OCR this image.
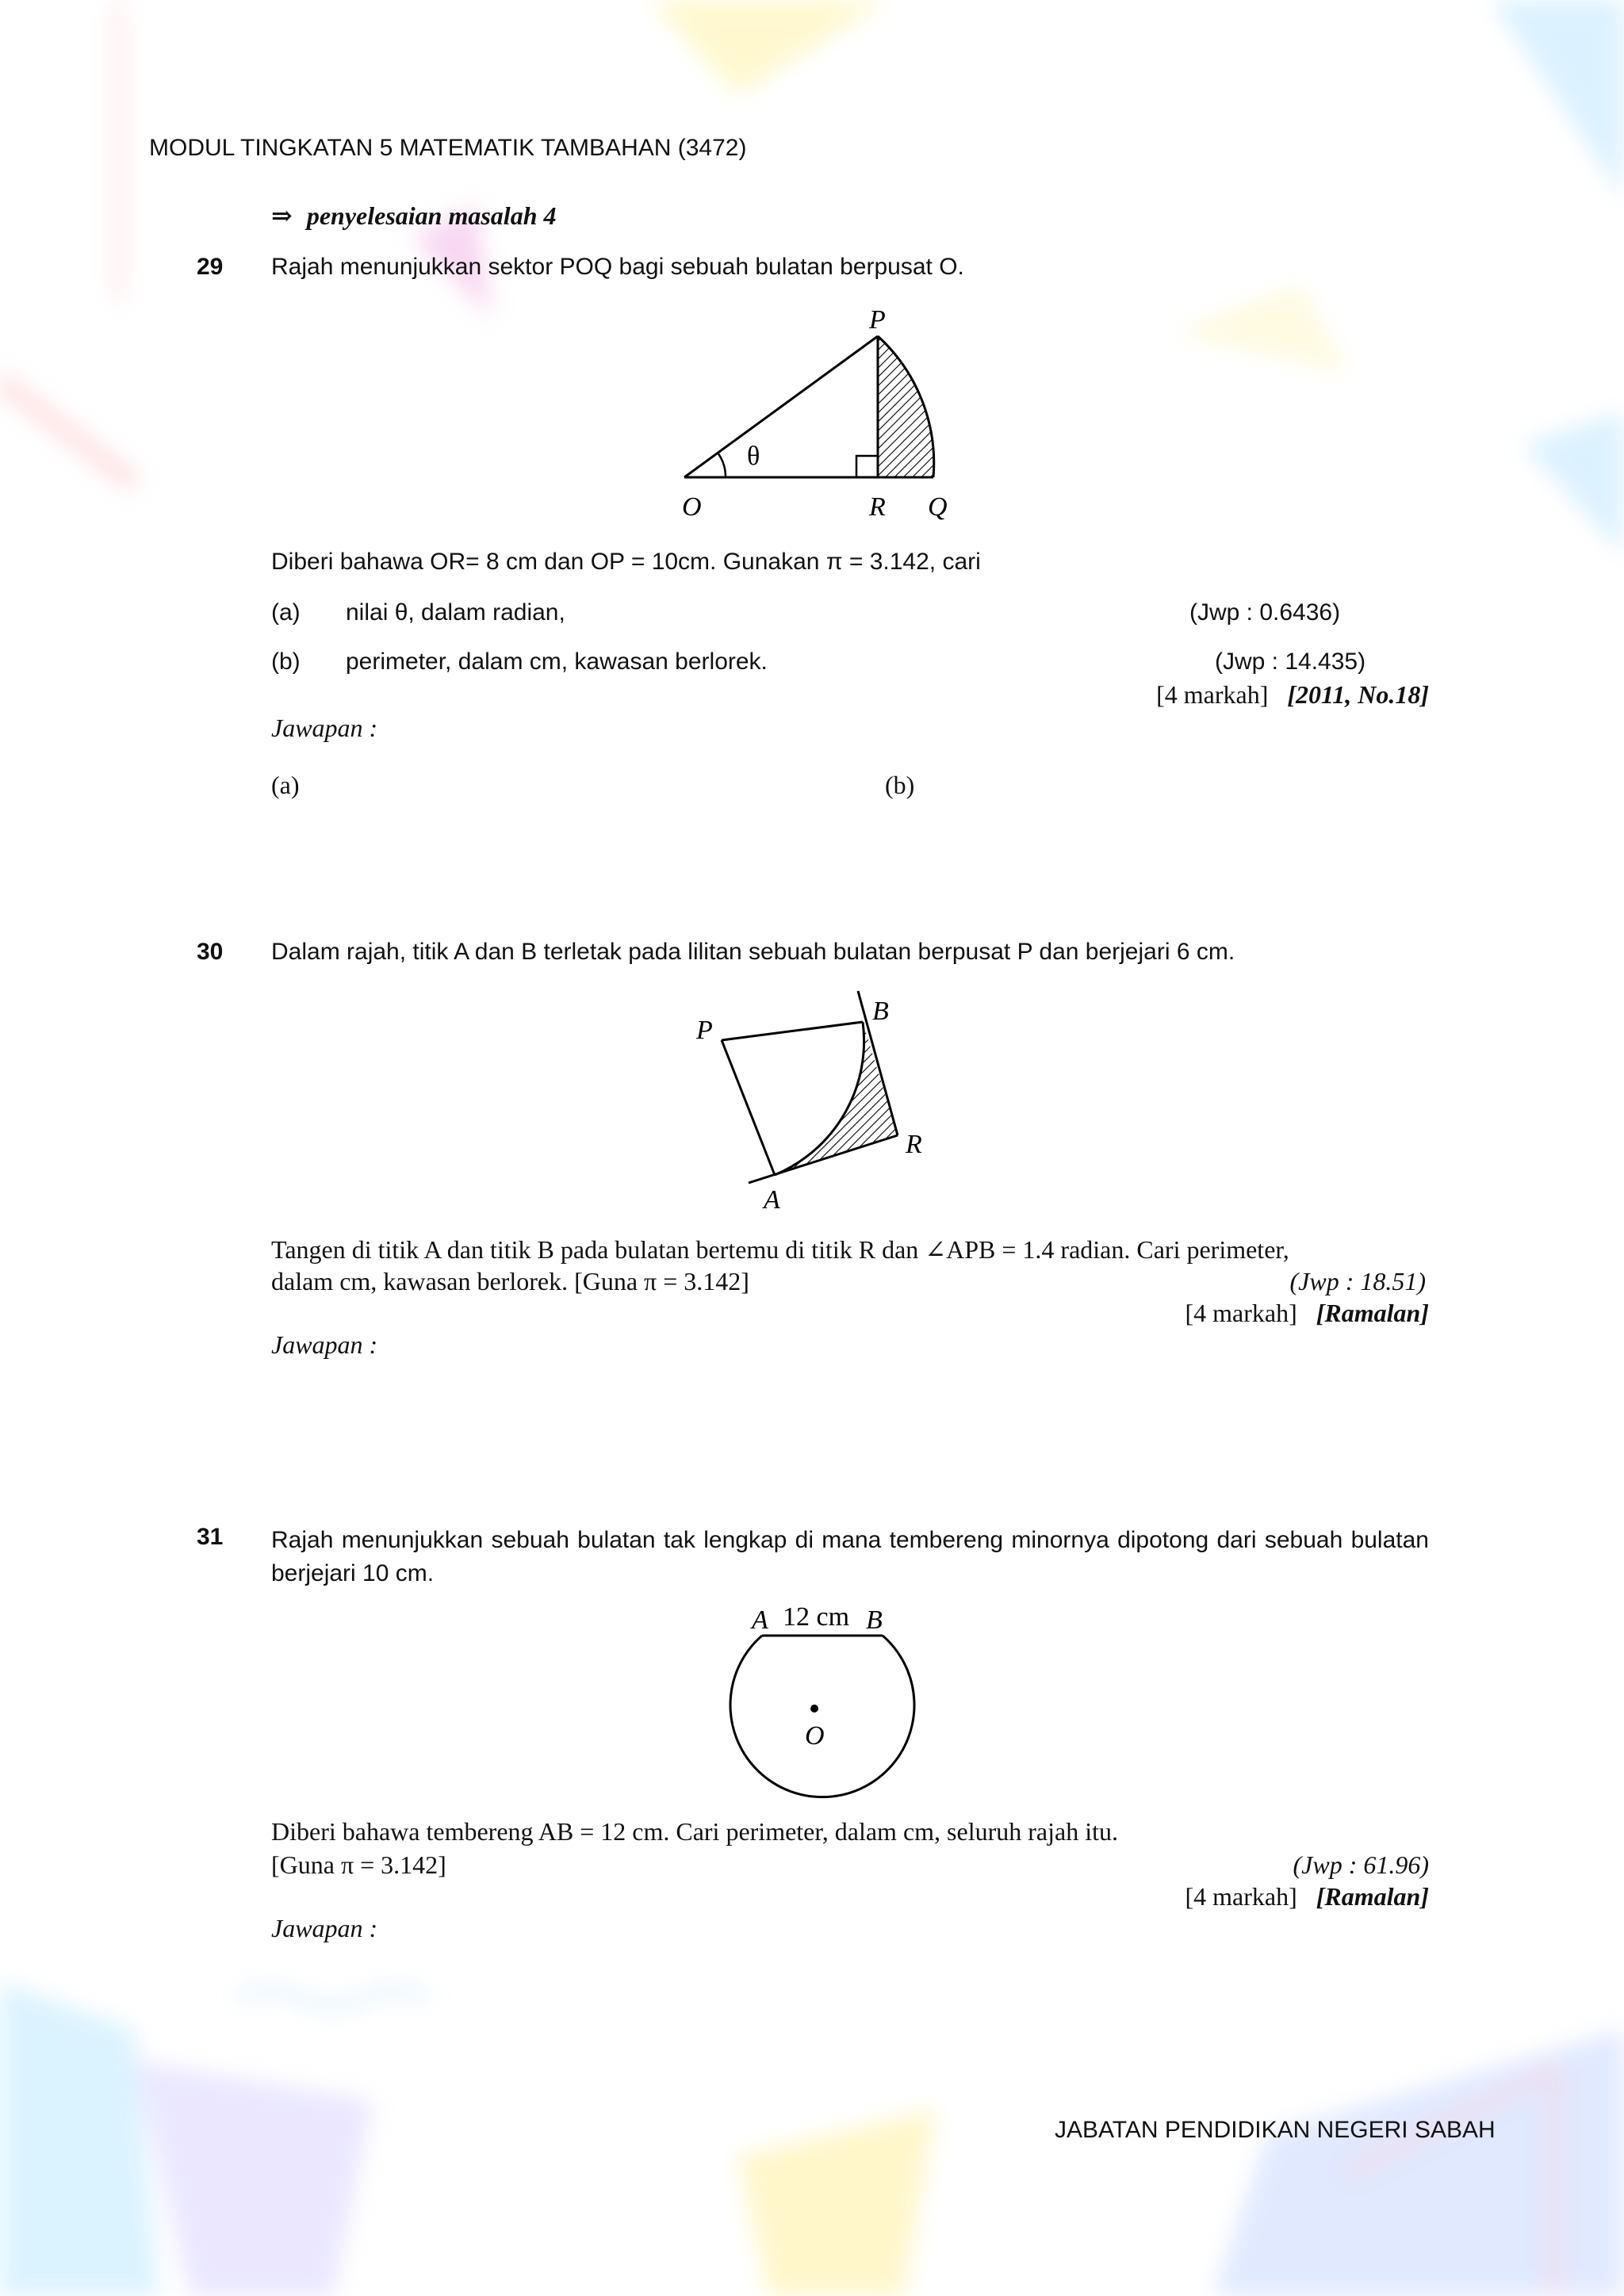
MODUL TINGKATAN 5 MATEMATIK TAMBAHAN (3472)
⇒ penyelesaian masalah 4
29 Rajah menunjukkan sektor POQ bagi sebuah bulatan berpusat O.
P
O	R Q
θ
Diberi bahawa OR= 8 cm dan OP = 10cm. Gunakan π = 3.142, cari
(a) nilai θ, dalam radian,	(Jwp : 0.6436)
(b) perimeter, dalam cm, kawasan berlorek.	(Jwp : 14.435)
[4 markah] [2011, No.18]
Jawapan :
(a)	(b)
30 Dalam rajah, titik A dan B terletak pada lilitan sebuah bulatan berpusat P dan berjejari 6 cm.
P
B
R
A
Tangen di titik A dan titik B pada bulatan bertemu di titik R dan ∠APB = 1.4 radian. Cari perimeter,
dalam cm, kawasan berlorek. [Guna π = 3.142]	(Jwp : 18.51)
[4 markah] [Ramalan]
Jawapan :
31 Rajah menunjukkan sebuah bulatan tak lengkap di mana tembereng minornya dipotong dari sebuah bulatan berjejari 10 cm.
A	B
12 cm
O
Diberi bahawa tembereng AB = 12 cm. Cari perimeter, dalam cm, seluruh rajah itu.
[Guna π = 3.142]	(Jwp : 61.96)
[4 markah] [Ramalan]
Jawapan :
JABATAN PENDIDIKAN NEGERI SABAH
